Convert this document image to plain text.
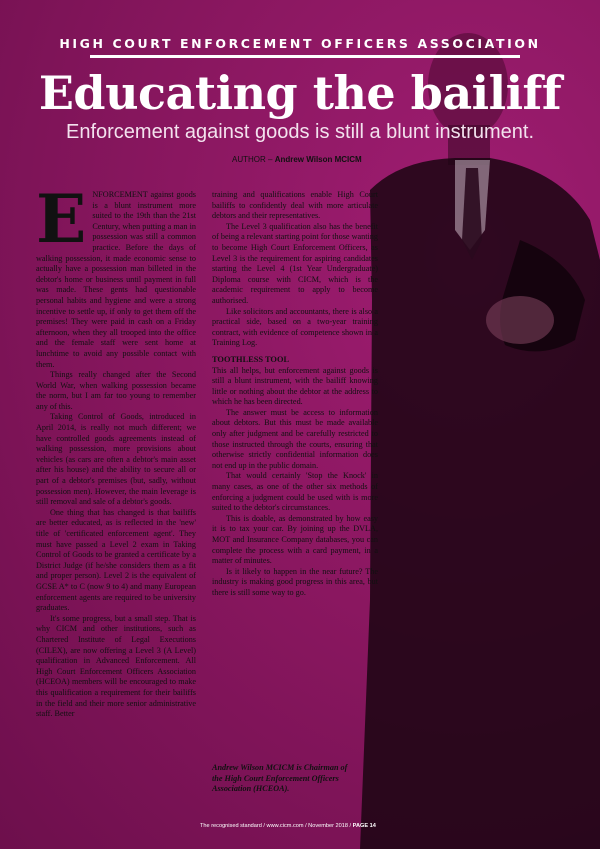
HIGH COURT ENFORCEMENT OFFICERS ASSOCIATION
Educating the bailiff
Enforcement against goods is still a blunt instrument.
AUTHOR – Andrew Wilson MCICM

ENFORCEMENT against goods is a blunt instrument more suited to the 19th than the 21st Century, when putting a man in possession was still a common practice. Before the days of walking possession, it made economic sense to actually have a possession man billeted in the debtor's home or business until payment in full was made. These gents had questionable personal habits and hygiene and were a strong incentive to settle up, if only to get them off the premises! They were paid in cash on a Friday afternoon, when they all trooped into the office and the female staff were sent home at lunchtime to avoid any possible contact with them.

Things really changed after the Second World War, when walking possession became the norm, but I am far too young to remember any of this.

Taking Control of Goods, introduced in April 2014, is really not much different; we have controlled goods agreements instead of walking possession, more provisions about vehicles (as cars are often a debtor's main asset after his house) and the ability to secure all or part of a debtor's premises (but, sadly, without possession men). However, the main leverage is still removal and sale of a debtor's goods.

One thing that has changed is that bailiffs are better educated, as is reflected in the 'new' title of 'certificated enforcement agent'. They must have passed a Level 2 exam in Taking Control of Goods to be granted a certificate by a District Judge (if he/she considers them as a fit and proper person). Level 2 is the equivalent of GCSE A* to C (now 9 to 4) and many European enforcement agents are required to be university graduates.

It's some progress, but a small step. That is why CICM and other institutions, such as Chartered Institute of Legal Executions (CILEX), are now offering a Level 3 (A Level) qualification in Advanced Enforcement. All High Court Enforcement Officers Association (HCEOA) members will be encouraged to make this qualification a requirement for their bailiffs in the field and their more senior administrative staff. Better

training and qualifications enable High Court bailiffs to confidently deal with more articulate debtors and their representatives.

The Level 3 qualification also has the benefit of being a relevant starting point for those wanting to become High Court Enforcement Officers, as Level 3 is the requirement for aspiring candidates starting the Level 4 (1st Year Undergraduate) Diploma course with CICM, which is the academic requirement to apply to become authorised.

Like solicitors and accountants, there is also a practical side, based on a two-year training contract, with evidence of competence shown in a Training Log.

TOOTHLESS TOOL

This all helps, but enforcement against goods is still a blunt instrument, with the bailiff knowing little or nothing about the debtor at the address to which he has been directed.

The answer must be access to information about debtors. But this must be made available only after judgment and be carefully restricted to those instructed through the courts, ensuring that otherwise strictly confidential information does not end up in the public domain.

That would certainly 'Stop the Knock' in many cases, as one of the other six methods of enforcing a judgment could be used with is more suited to the debtor's circumstances.

This is doable, as demonstrated by how easy it is to tax your car. By joining up the DVLA, MOT and Insurance Company databases, you can complete the process with a card payment, in a matter of minutes.

Is it likely to happen in the near future? The industry is making good progress in this area, but there is still some way to go.

Andrew Wilson MCICM is Chairman of the High Court Enforcement Officers Association (HCEOA).
The recognised standard / www.cicm.com / November 2018 / PAGE 14
